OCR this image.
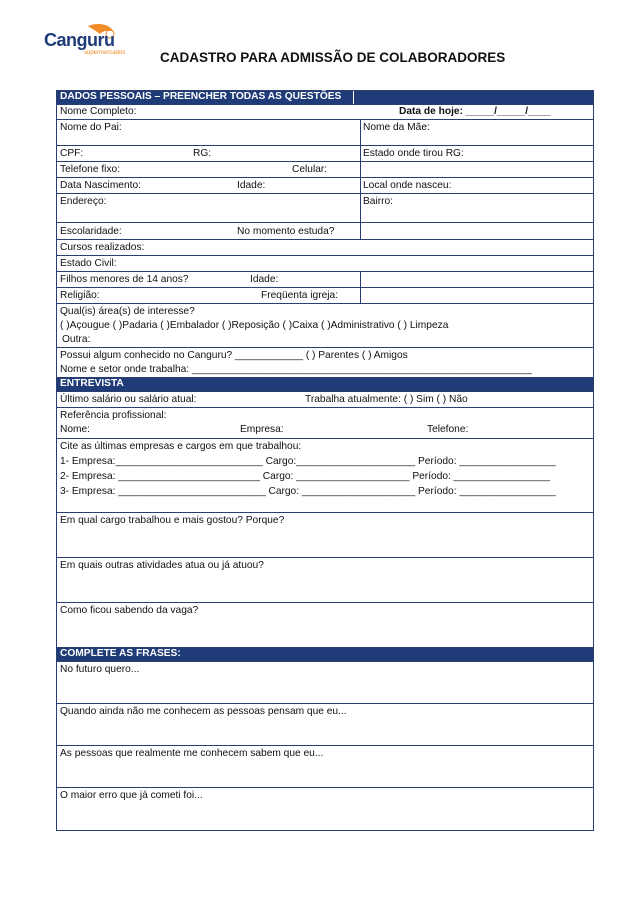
Canguru
supermercados	CADASTRO PARA ADMISSÃO DE COLABORADORES
DADOS PESSOAIS – PREENCHER TODAS AS QUESTÕES
Nome Completo:	Data de hoje: _____/_____/____
Nome do Pai:	Nome da Mãe:
CPF:	RG:	Estado onde tirou RG:
Telefone fixo:	Celular:
Data Nascimento:	Idade:	Local onde nasceu:
Endereço:	Bairro:
Escolaridade:	No momento estuda?
Cursos realizados:
Estado Civil:
Filhos menores de 14 anos?	Idade:
Religião:	Freqüenta igreja:
Qual(is) área(s) de interesse?
( )Açougue ( )Padaria ( )Embalador ( )Reposição ( )Caixa ( )Administrativo ( ) Limpeza
Outra:
Possui algum conhecido no Canguru? ____________ ( ) Parentes ( ) Amigos
Nome e setor onde trabalha: ____________________________________________________________
ENTREVISTA
Último salário ou salário atual:	Trabalha atualmente: ( ) Sim ( ) Não
Referência profissional:
Nome:	Empresa:	Telefone:
Cite as últimas empresas e cargos em que trabalhou:
1- Empresa:__________________________ Cargo:_____________________ Período: _________________
2- Empresa: _________________________ Cargo: ____________________ Período: _________________
3- Empresa: __________________________ Cargo: ____________________ Período: _________________
Em qual cargo trabalhou e mais gostou? Porque?
Em quais outras atividades atua ou já atuou?
Como ficou sabendo da vaga?
COMPLETE AS FRASES:
No futuro quero...
Quando ainda não me conhecem as pessoas pensam que eu...
As pessoas que realmente me conhecem sabem que eu...
O maior erro que já cometi foi...
